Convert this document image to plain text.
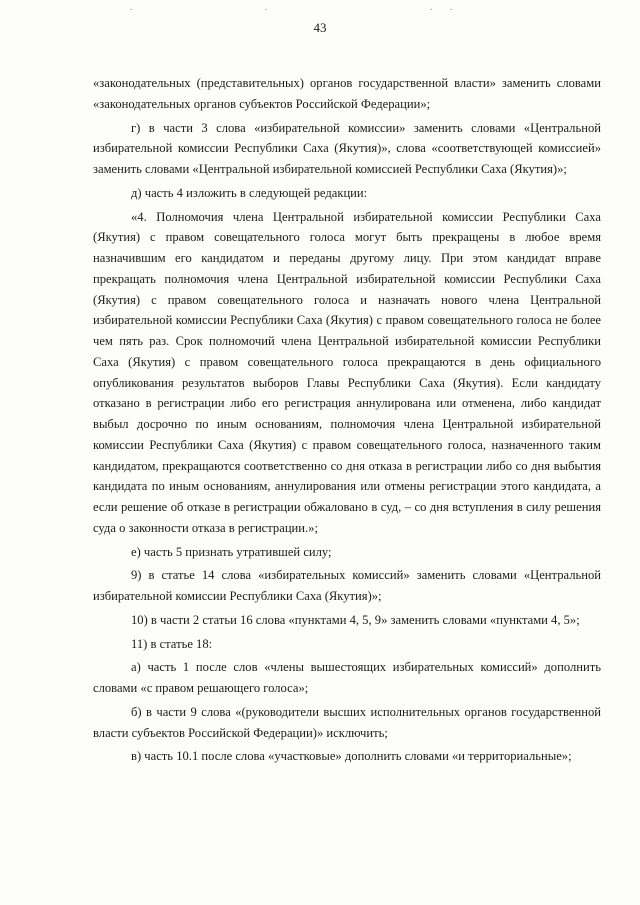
43

«законодательных (представительных) органов государственной власти» заменить словами «законодательных органов субъектов Российской Федерации»;

г) в части 3 слова «избирательной комиссии» заменить словами «Центральной избирательной комиссии Республики Саха (Якутия)», слова «соответствующей комиссией» заменить словами «Центральной избирательной комиссией Республики Саха (Якутия)»;

д) часть 4 изложить в следующей редакции:

«4. Полномочия члена Центральной избирательной комиссии Республики Саха (Якутия) с правом совещательного голоса могут быть прекращены в любое время назначившим его кандидатом и переданы другому лицу. При этом кандидат вправе прекращать полномочия члена Центральной избирательной комиссии Республики Саха (Якутия) с правом совещательного голоса и назначать нового члена Центральной избирательной комиссии Республики Саха (Якутия) с правом совещательного голоса не более чем пять раз. Срок полномочий члена Центральной избирательной комиссии Республики Саха (Якутия) с правом совещательного голоса прекращаются в день официального опубликования результатов выборов Главы Республики Саха (Якутия). Если кандидату отказано в регистрации либо его регистрация аннулирована или отменена, либо кандидат выбыл досрочно по иным основаниям, полномочия члена Центральной избирательной комиссии Республики Саха (Якутия) с правом совещательного голоса, назначенного таким кандидатом, прекращаются соответственно со дня отказа в регистрации либо со дня выбытия кандидата по иным основаниям, аннулирования или отмены регистрации этого кандидата, а если решение об отказе в регистрации обжаловано в суд, – со дня вступления в силу решения суда о законности отказа в регистрации.»;

е) часть 5 признать утратившей силу;

9) в статье 14 слова «избирательных комиссий» заменить словами «Центральной избирательной комиссии Республики Саха (Якутия)»;

10) в части 2 статьи 16 слова «пунктами 4, 5, 9» заменить словами «пунктами 4, 5»;

11) в статье 18:

а) часть 1 после слов «члены вышестоящих избирательных комиссий» дополнить словами «с правом решающего голоса»;

б) в части 9 слова «(руководители высших исполнительных органов государственной власти субъектов Российской Федерации)» исключить;

в) часть 10.1 после слова «участковые» дополнить словами «и территориальные»;
